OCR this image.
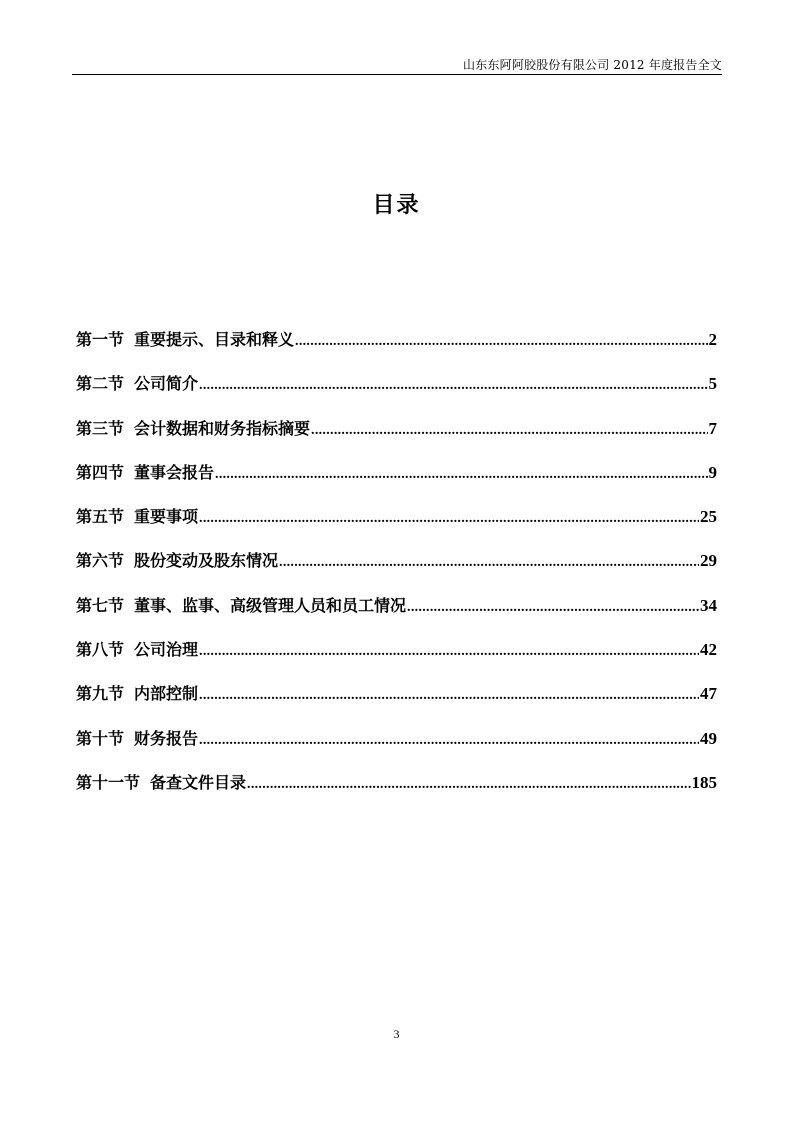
山东东阿阿胶股份有限公司 2012 年度报告全文
目录
第一节 重要提示、目录和释义 .....	2
第二节 公司简介 .....	5
第三节 会计数据和财务指标摘要 .....	7
第四节 董事会报告 .....	9
第五节 重要事项 .....	25
第六节 股份变动及股东情况 .....	29
第七节 董事、监事、高级管理人员和员工情况 .....	34
第八节 公司治理 .....	42
第九节 内部控制 .....	47
第十节 财务报告 .....	49
第十一节 备查文件目录 .....	185
3
